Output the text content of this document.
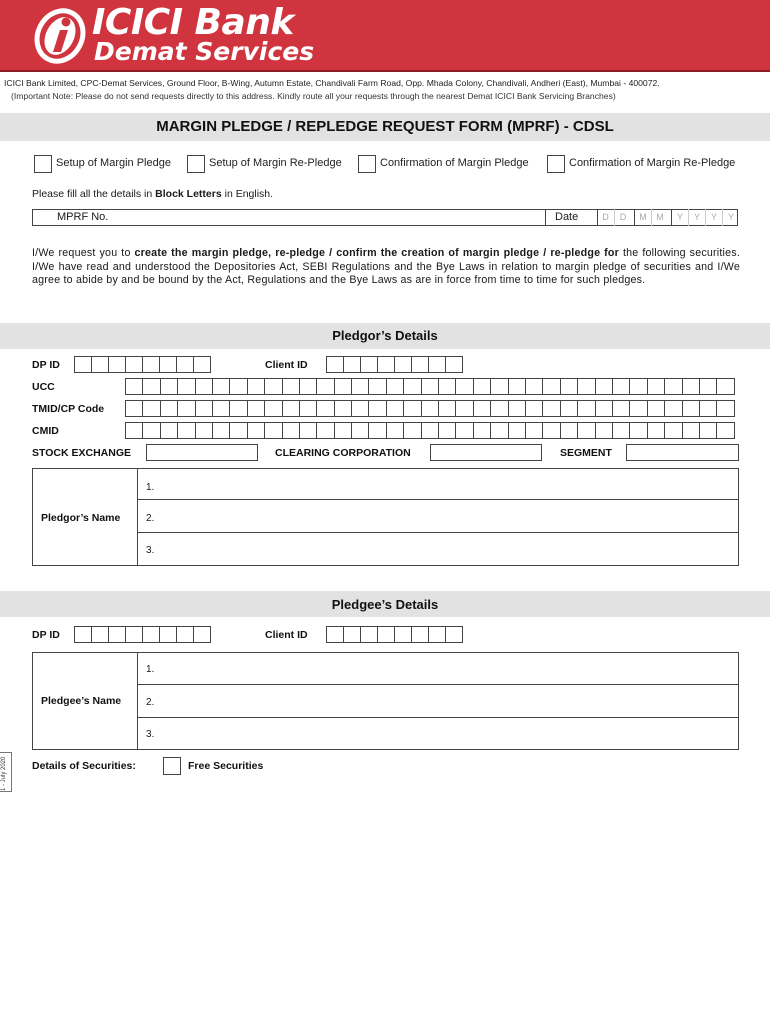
ICICI Bank
Demat Services
ICICI Bank Limited, CPC-Demat Services, Ground Floor, B-Wing, Autumn Estate, Chandivali Farm Road, Opp. Mhada Colony, Chandivali, Andheri (East), Mumbai - 400072.
(Important Note: Please do not send requests directly to this address. Kindly route all your requests through the nearest Demat ICICI Bank Servicing Branches)
MARGIN PLEDGE / REPLEDGE REQUEST FORM (MPRF) - CDSL
Setup of Margin Pledge	Setup of Margin Re-Pledge	Confirmation of Margin Pledge	Confirmation of Margin Re-Pledge
Please fill all the details in Block Letters in English.
MPRF No.	Date	D	D	M	M	Y	Y	Y	Y
I/We request you to create the margin pledge, re-pledge / confirm the creation of margin pledge / re-pledge for the following securities. I/We have read and understood the Depositories Act, SEBI Regulations and the Bye Laws in relation to margin pledge of securities and I/We agree to abide by and be bound by the Act, Regulations and the Bye Laws as are in force from time to time for such pledges.
Pledgor’s Details
DP ID	Client ID
UCC
TMID/CP Code
CMID
STOCK EXCHANGE	CLEARING CORPORATION	SEGMENT
Pledgor’s Name
1.
2.
3.
Pledgee’s Details
DP ID	Client ID
Pledgee’s Name
1.
2.
3.
Details of Securities:	Free Securities
1 - July 2020
